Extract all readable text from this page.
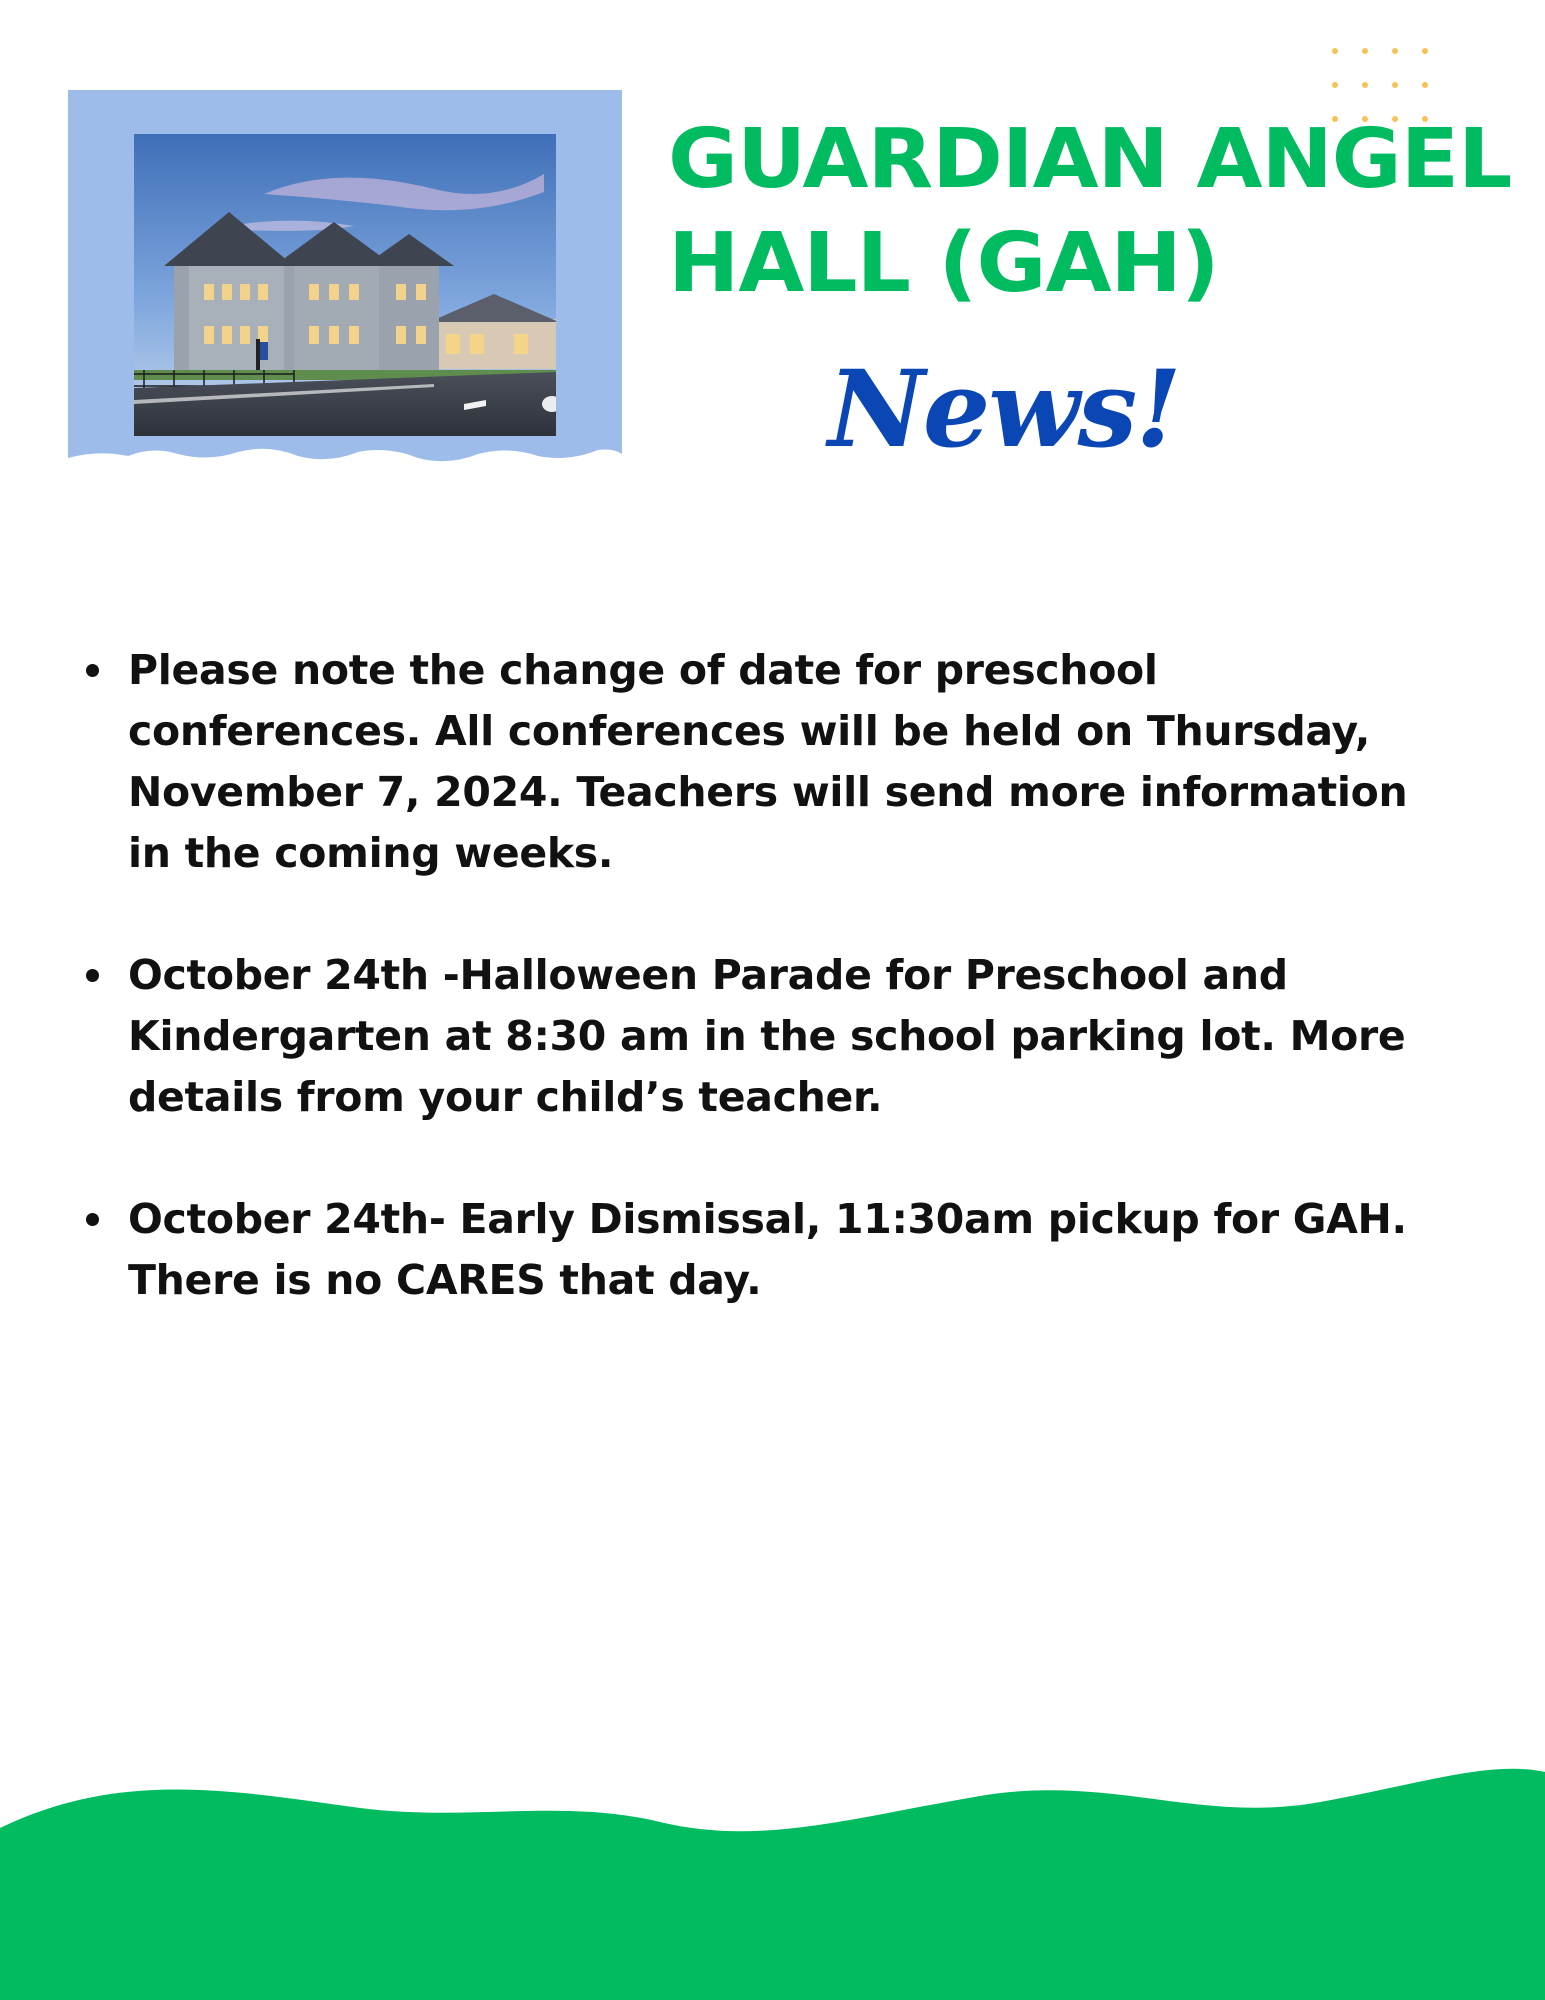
GUARDIAN ANGEL
HALL (GAH)
News!
Please note the change of date for preschool
conferences. All conferences will be held on Thursday,
November 7, 2024. Teachers will send more information
in the coming weeks.
October 24th -Halloween Parade for Preschool and
Kindergarten at 8:30 am in the school parking lot. More
details from your child’s teacher.
October 24th- Early Dismissal, 11:30am pickup for GAH.
There is no CARES that day.
